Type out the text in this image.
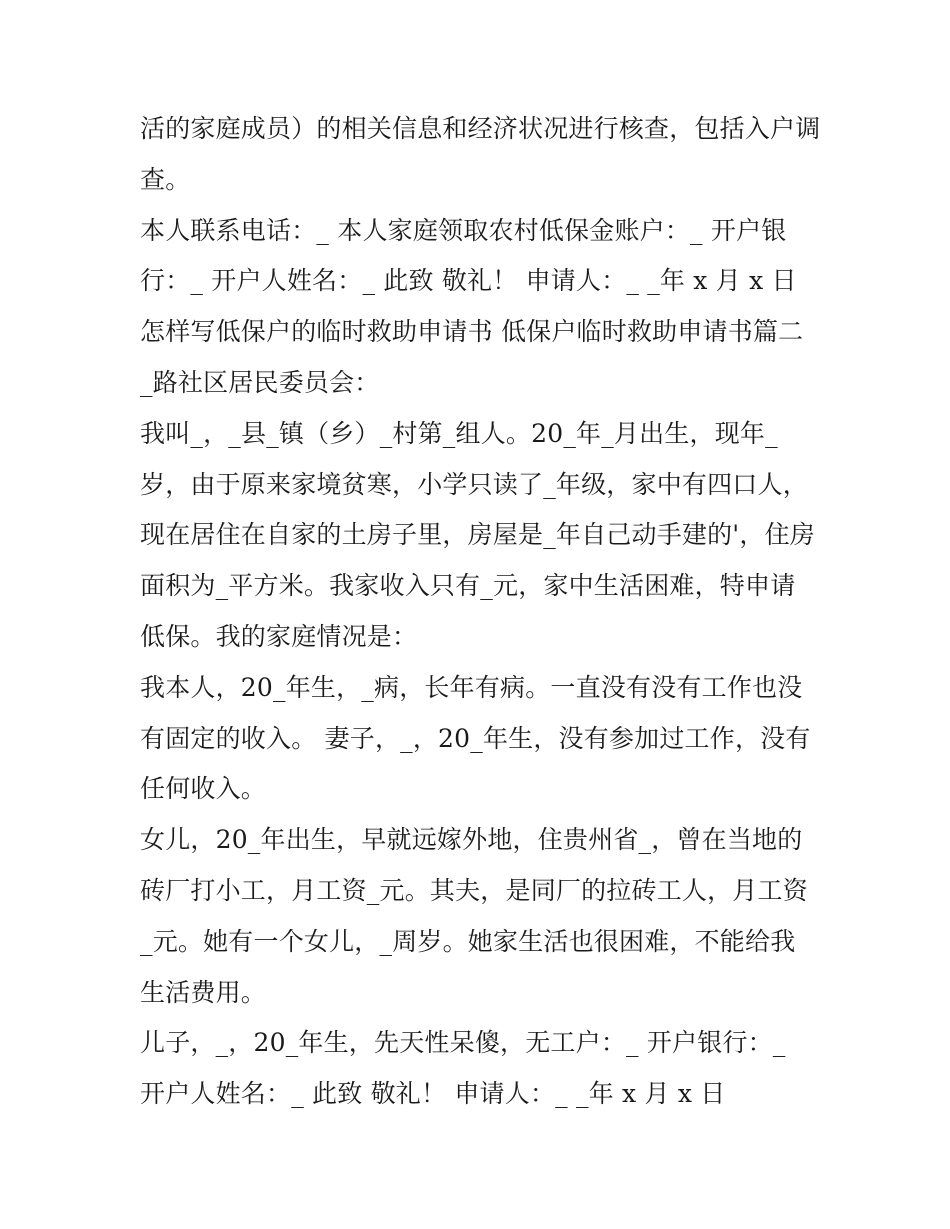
活的家庭成员）的相关信息和经济状况进行核查，包括入户调
查。
本人联系电话：_ 本人家庭领取农村低保金账户：_ 开户银
行：_ 开户人姓名：_ 此致 敬礼！ 申请人：_ _年 x 月 x 日
怎样写低保户的临时救助申请书 低保户临时救助申请书篇二
_路社区居民委员会：
我叫_，_县_镇（乡）_村第_组人。20_年_月出生，现年_
岁，由于原来家境贫寒，小学只读了_年级，家中有四口人，
现在居住在自家的土房子里，房屋是_年自己动手建的'，住房
面积为_平方米。我家收入只有_元，家中生活困难，特申请
低保。我的家庭情况是：
我本人，20_年生，_病，长年有病。一直没有没有工作也没
有固定的收入。 妻子，_，20_年生，没有参加过工作，没有
任何收入。
女儿，20_年出生，早就远嫁外地，住贵州省_，曾在当地的
砖厂打小工，月工资_元。其夫，是同厂的拉砖工人，月工资
_元。她有一个女儿，_周岁。她家生活也很困难，不能给我
生活费用。
儿子，_，20_年生，先天性呆傻，无工户：_ 开户银行：_
开户人姓名：_ 此致 敬礼！ 申请人：_ _年 x 月 x 日
